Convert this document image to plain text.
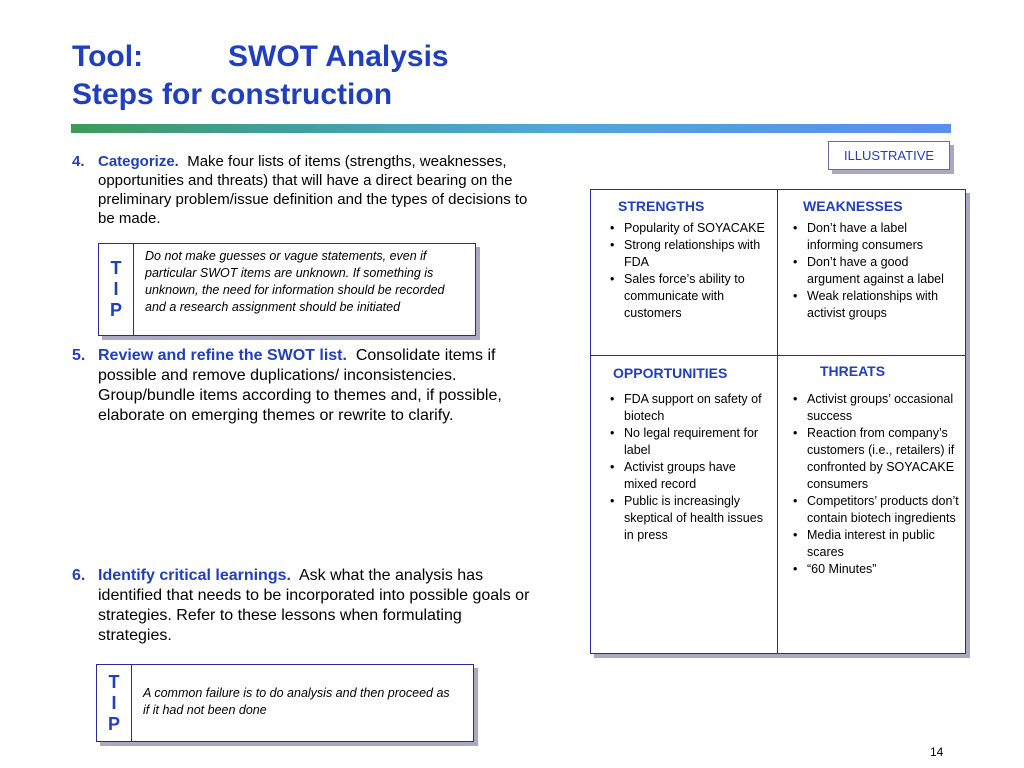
Tool:	SWOT Analysis
Steps for construction
ILLUSTRATIVE
4. Categorize. Make four lists of items (strengths, weaknesses, opportunities and threats) that will have a direct bearing on the preliminary problem/issue definition and the types of decisions to be made.
T
I
P
Do not make guesses or vague statements, even if particular SWOT items are unknown. If something is unknown, the need for information should be recorded and a research assignment should be initiated
5. Review and refine the SWOT list. Consolidate items if possible and remove duplications/ inconsistencies. Group/bundle items according to themes and, if possible, elaborate on emerging themes or rewrite to clarify.
6. Identify critical learnings. Ask what the analysis has identified that needs to be incorporated into possible goals or strategies. Refer to these lessons when formulating strategies.
T
I
P
A common failure is to do analysis and then proceed as if it had not been done
STRENGTHS
• Popularity of SOYACAKE
• Strong relationships with FDA
• Sales force’s ability to communicate with customers
WEAKNESSES
• Don’t have a label informing consumers
• Don’t have a good argument against a label
• Weak relationships with activist groups
OPPORTUNITIES
• FDA support on safety of biotech
• No legal requirement for label
• Activist groups have mixed record
• Public is increasingly skeptical of health issues in press
THREATS
• Activist groups’ occasional success
• Reaction from company’s customers (i.e., retailers) if confronted by SOYACAKE consumers
• Competitors’ products don’t contain biotech ingredients
• Media interest in public scares
• “60 Minutes”
14
